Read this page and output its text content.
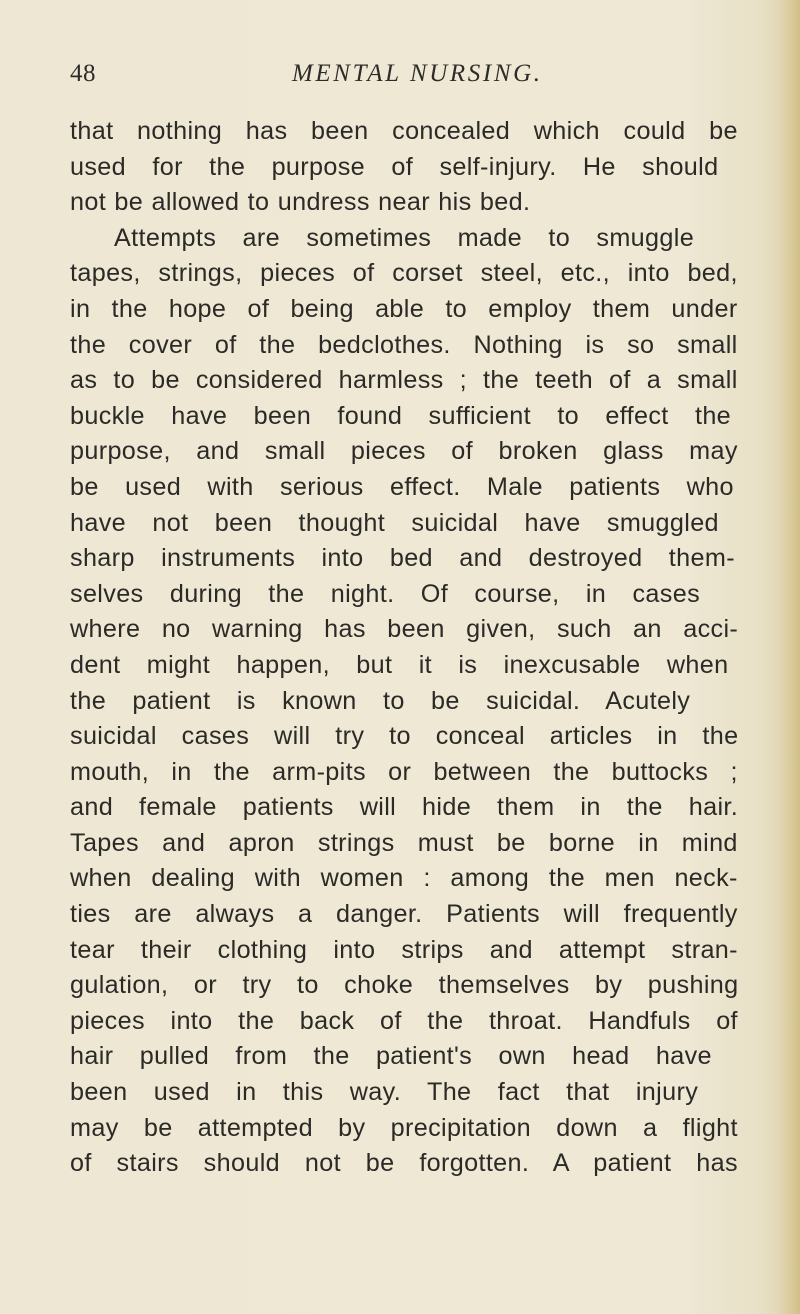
48	MENTAL NURSING.
that nothing has been concealed which could be
used for the purpose of self-injury. He should
not be allowed to undress near his bed.
Attempts are sometimes made to smuggle
tapes, strings, pieces of corset steel, etc., into bed,
in the hope of being able to employ them under
the cover of the bedclothes. Nothing is so small
as to be considered harmless ; the teeth of a small
buckle have been found sufficient to effect the
purpose, and small pieces of broken glass may
be used with serious effect. Male patients who
have not been thought suicidal have smuggled
sharp instruments into bed and destroyed them-
selves during the night. Of course, in cases
where no warning has been given, such an acci-
dent might happen, but it is inexcusable when
the patient is known to be suicidal. Acutely
suicidal cases will try to conceal articles in the
mouth, in the arm-pits or between the buttocks ;
and female patients will hide them in the hair.
Tapes and apron strings must be borne in mind
when dealing with women : among the men neck-
ties are always a danger. Patients will frequently
tear their clothing into strips and attempt stran-
gulation, or try to choke themselves by pushing
pieces into the back of the throat. Handfuls of
hair pulled from the patient's own head have
been used in this way. The fact that injury
may be attempted by precipitation down a flight
of stairs should not be forgotten. A patient has
